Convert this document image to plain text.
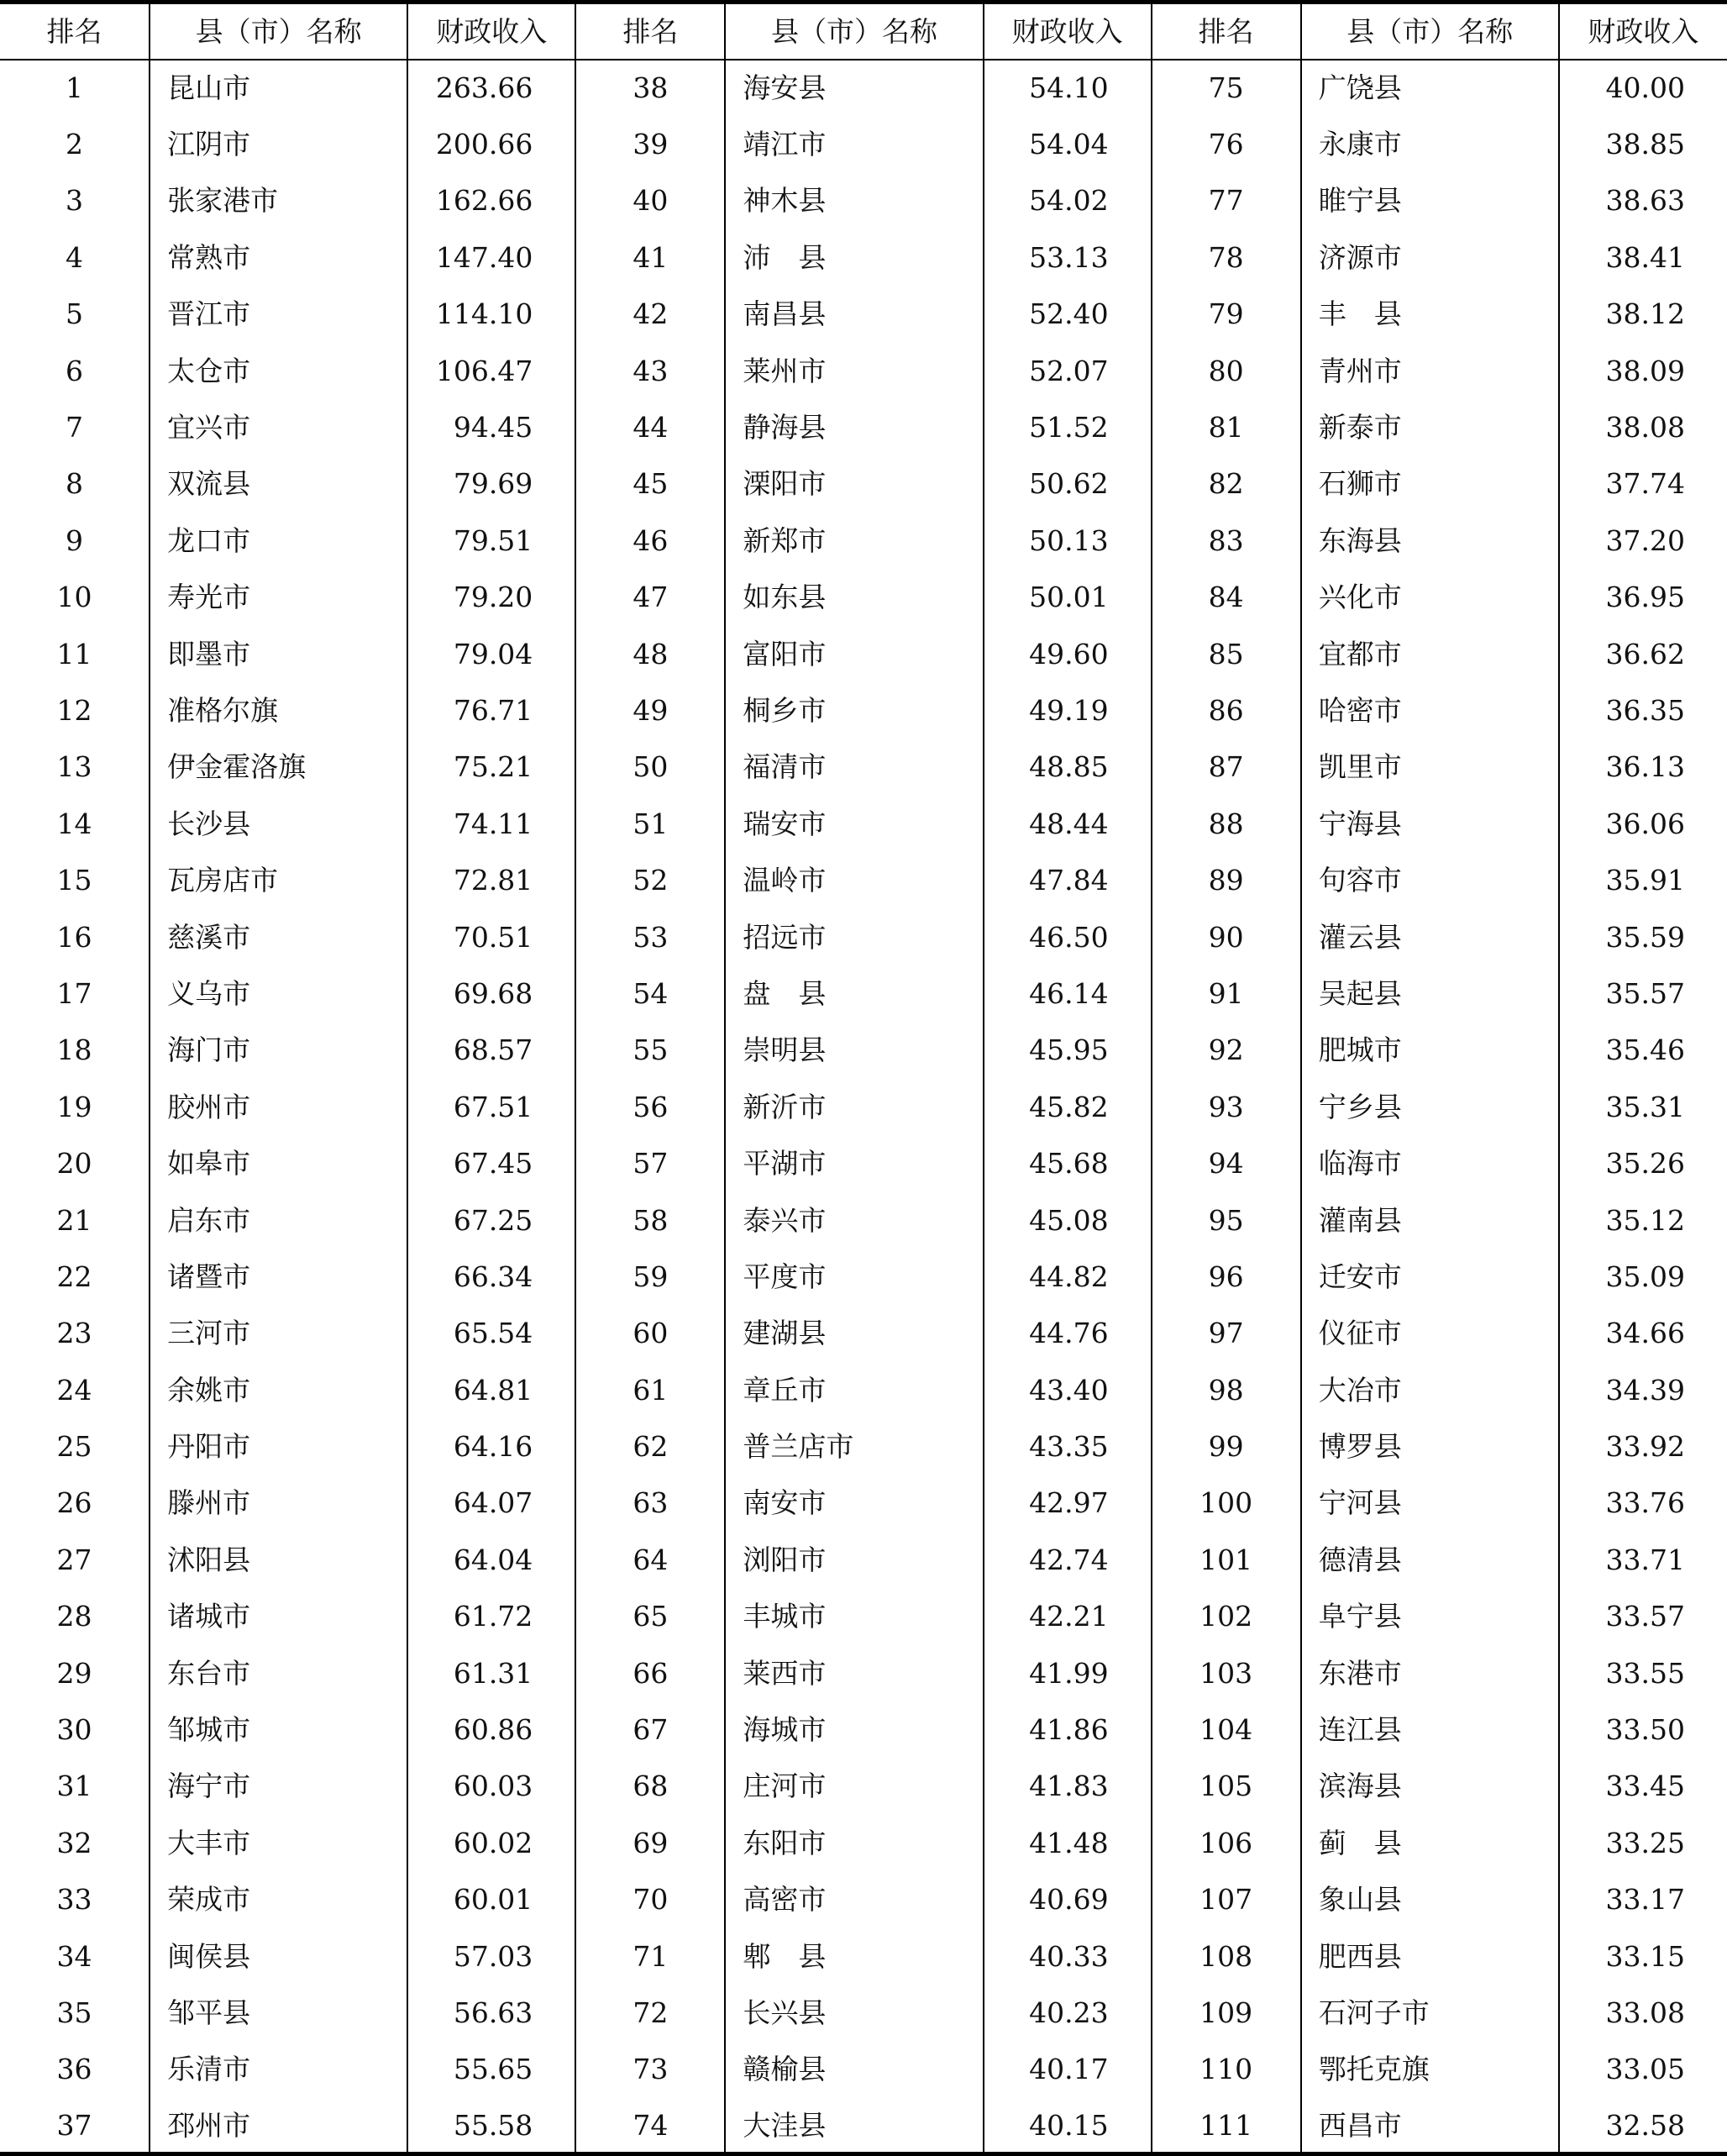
排名	县（市）名称	财政收入	排名	县（市）名称	财政收入	排名	县（市）名称	财政收入
1	昆山市	263.66	38	海安县	54.10	75	广饶县	40.00
2	江阴市	200.66	39	靖江市	54.04	76	永康市	38.85
3	张家港市	162.66	40	神木县	54.02	77	睢宁县	38.63
4	常熟市	147.40	41	沛　县	53.13	78	济源市	38.41
5	晋江市	114.10	42	南昌县	52.40	79	丰　县	38.12
6	太仓市	106.47	43	莱州市	52.07	80	青州市	38.09
7	宜兴市	94.45	44	静海县	51.52	81	新泰市	38.08
8	双流县	79.69	45	溧阳市	50.62	82	石狮市	37.74
9	龙口市	79.51	46	新郑市	50.13	83	东海县	37.20
10	寿光市	79.20	47	如东县	50.01	84	兴化市	36.95
11	即墨市	79.04	48	富阳市	49.60	85	宜都市	36.62
12	准格尔旗	76.71	49	桐乡市	49.19	86	哈密市	36.35
13	伊金霍洛旗	75.21	50	福清市	48.85	87	凯里市	36.13
14	长沙县	74.11	51	瑞安市	48.44	88	宁海县	36.06
15	瓦房店市	72.81	52	温岭市	47.84	89	句容市	35.91
16	慈溪市	70.51	53	招远市	46.50	90	灌云县	35.59
17	义乌市	69.68	54	盘　县	46.14	91	吴起县	35.57
18	海门市	68.57	55	崇明县	45.95	92	肥城市	35.46
19	胶州市	67.51	56	新沂市	45.82	93	宁乡县	35.31
20	如皋市	67.45	57	平湖市	45.68	94	临海市	35.26
21	启东市	67.25	58	泰兴市	45.08	95	灌南县	35.12
22	诸暨市	66.34	59	平度市	44.82	96	迁安市	35.09
23	三河市	65.54	60	建湖县	44.76	97	仪征市	34.66
24	余姚市	64.81	61	章丘市	43.40	98	大冶市	34.39
25	丹阳市	64.16	62	普兰店市	43.35	99	博罗县	33.92
26	滕州市	64.07	63	南安市	42.97	100	宁河县	33.76
27	沭阳县	64.04	64	浏阳市	42.74	101	德清县	33.71
28	诸城市	61.72	65	丰城市	42.21	102	阜宁县	33.57
29	东台市	61.31	66	莱西市	41.99	103	东港市	33.55
30	邹城市	60.86	67	海城市	41.86	104	连江县	33.50
31	海宁市	60.03	68	庄河市	41.83	105	滨海县	33.45
32	大丰市	60.02	69	东阳市	41.48	106	蓟　县	33.25
33	荣成市	60.01	70	高密市	40.69	107	象山县	33.17
34	闽侯县	57.03	71	郫　县	40.33	108	肥西县	33.15
35	邹平县	56.63	72	长兴县	40.23	109	石河子市	33.08
36	乐清市	55.65	73	赣榆县	40.17	110	鄂托克旗	33.05
37	邳州市	55.58	74	大洼县	40.15	111	西昌市	32.58
